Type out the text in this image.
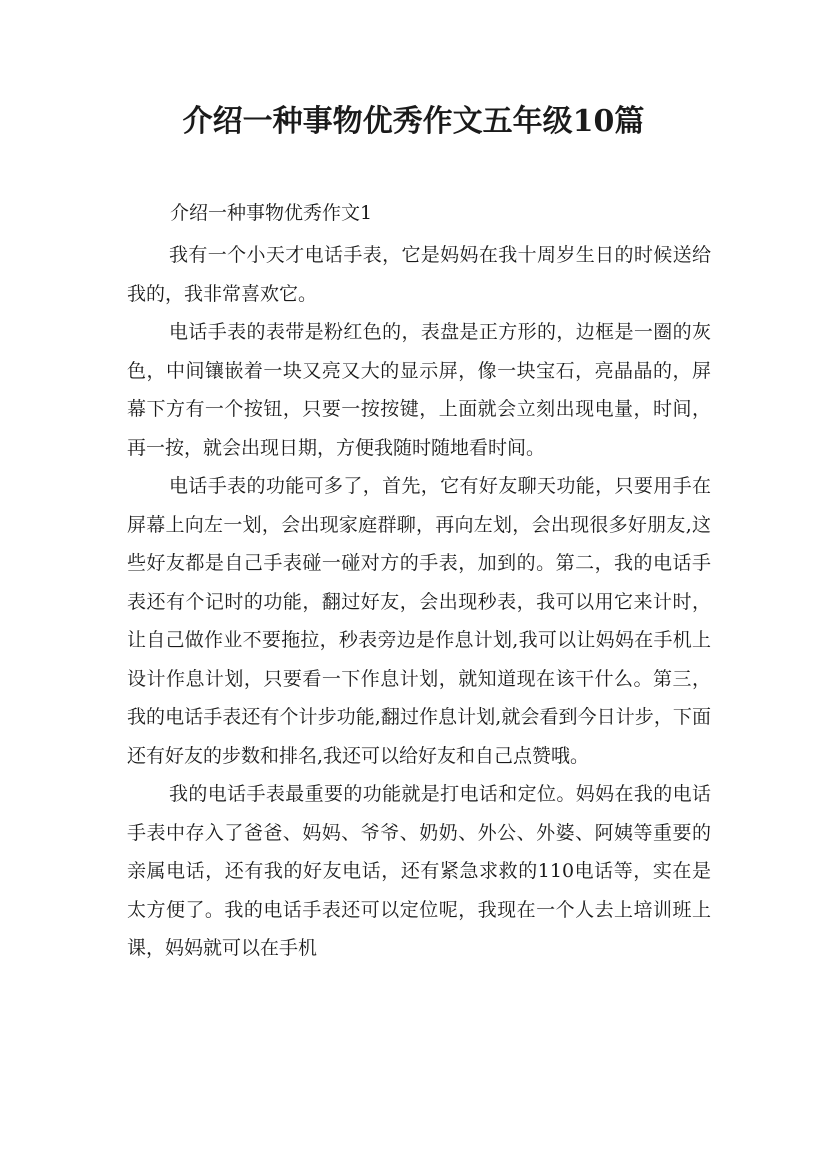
介绍一种事物优秀作文五年级10篇
介绍一种事物优秀作文1

我有一个小天才电话手表，它是妈妈在我十周岁生日的时候送给我的，我非常喜欢它。

电话手表的表带是粉红色的，表盘是正方形的，边框是一圈的灰色，中间镶嵌着一块又亮又大的显示屏，像一块宝石，亮晶晶的，屏幕下方有一个按钮，只要一按按键，上面就会立刻出现电量，时间，再一按，就会出现日期，方便我随时随地看时间。

电话手表的功能可多了，首先，它有好友聊天功能，只要用手在屏幕上向左一划，会出现家庭群聊，再向左划，会出现很多好朋友,这些好友都是自己手表碰一碰对方的手表，加到的。第二，我的电话手表还有个记时的功能，翻过好友，会出现秒表，我可以用它来计时，让自己做作业不要拖拉，秒表旁边是作息计划,我可以让妈妈在手机上设计作息计划，只要看一下作息计划，就知道现在该干什么。第三，我的电话手表还有个计步功能,翻过作息计划,就会看到今日计步，下面还有好友的步数和排名,我还可以给好友和自己点赞哦。

我的电话手表最重要的功能就是打电话和定位。妈妈在我的电话手表中存入了爸爸、妈妈、爷爷、奶奶、外公、外婆、阿姨等重要的亲属电话，还有我的好友电话，还有紧急求救的110电话等，实在是太方便了。我的电话手表还可以定位呢，我现在一个人去上培训班上课，妈妈就可以在手机
